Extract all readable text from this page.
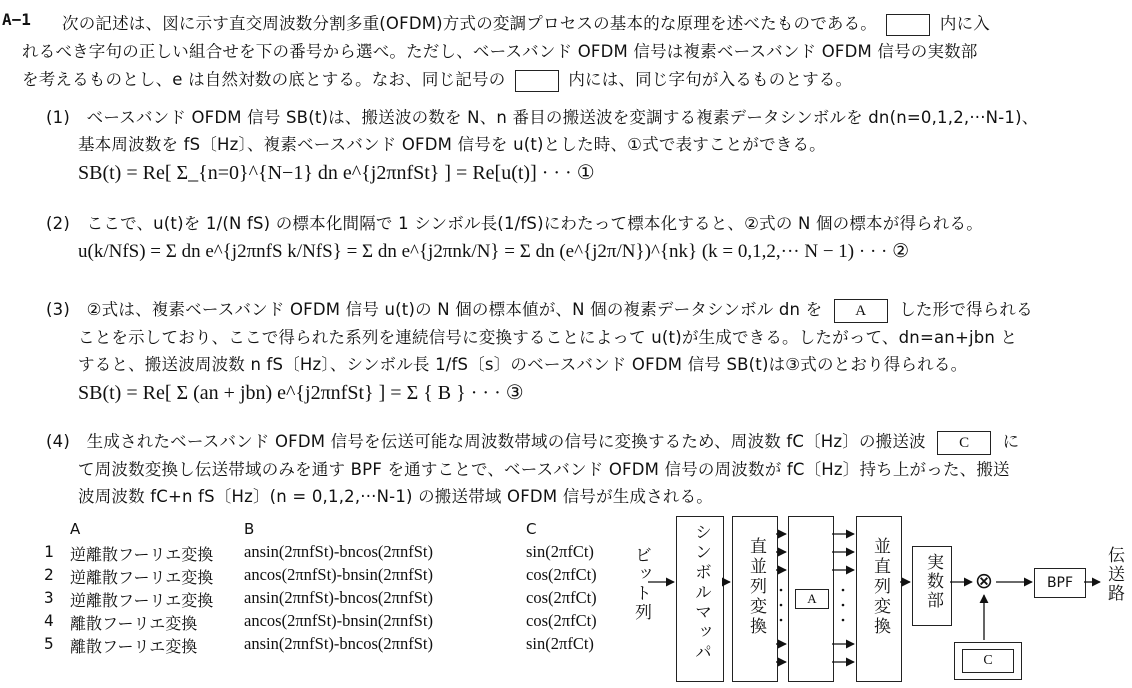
A−1 次の記述は、図に示す直交周波数分割多重(OFDM)方式の変調プロセスの基本的な原理を述べたものである。	内に入
れるべき字句の正しい組合せを下の番号から選べ。ただし、ベースバンド OFDM 信号は複素ベースバンド OFDM 信号の実数部
を考えるものとし、e は自然対数の底とする。なお、同じ記号の	内には、同じ字句が入るものとする。
(1)　ベースバンド OFDM 信号 SB(t)は、搬送波の数を N、n 番目の搬送波を変調する複素データシンボルを dn(n=0,1,2,···N-1)、
基本周波数を fS〔Hz〕、複素ベースバンド OFDM 信号を u(t)とした時、①式で表すことができる。
SB(t) = Re[ Σ_{n=0}^{N−1} dn e^{j2πnfSt} ] = Re[u(t)] · · · ①
(2)　ここで、u(t)を 1/(N fS) の標本化間隔で 1 シンボル長(1/fS)にわたって標本化すると、②式の N 個の標本が得られる。
u(k/NfS) = Σ dn e^{j2πnfS k/NfS} = Σ dn e^{j2πnk/N} = Σ dn (e^{j2π/N})^{nk} (k = 0,1,2,··· N − 1) · · · ②
(3)　②式は、複素ベースバンド OFDM 信号 u(t)の N 個の標本値が、N 個の複素データシンボル dn を A した形で得られる
ことを示しており、ここで得られた系列を連続信号に変換することによって u(t)が生成できる。したがって、dn=an+jbn と
すると、搬送波周波数 n fS〔Hz〕、シンボル長 1/fS〔s〕のベースバンド OFDM 信号 SB(t)は③式のとおり得られる。
SB(t) = Re[ Σ (an + jbn) e^{j2πnfSt} ] = Σ { B } · · · ③
(4)　生成されたベースバンド OFDM 信号を伝送可能な周波数帯域の信号に変換するため、周波数 fC〔Hz〕の搬送波 C に
て周波数変換し伝送帯域のみを通す BPF を通すことで、ベースバンド OFDM 信号の周波数が fC〔Hz〕持ち上がった、搬送
波周波数 fC+n fS〔Hz〕(n = 0,1,2,···N-1) の搬送帯域 OFDM 信号が生成される。
A	B	C
1 逆離散フーリエ変換 ansin(2πnfSt)-bncos(2πnfSt)	sin(2πfCt)
2 逆離散フーリエ変換 ancos(2πnfSt)-bnsin(2πnfSt)	cos(2πfCt)
3 逆離散フーリエ変換 ansin(2πnfSt)-bncos(2πnfSt)	cos(2πfCt)
4 離散フーリエ変換	ancos(2πnfSt)-bnsin(2πnfSt)	cos(2πfCt)
5 離散フーリエ変換	ansin(2πnfSt)-bncos(2πnfSt)	sin(2πfCt)
ビット列 シンボルマッパ 直並列変換	A	並直列変換 実数部 ⊗
C
BPF	伝送路
